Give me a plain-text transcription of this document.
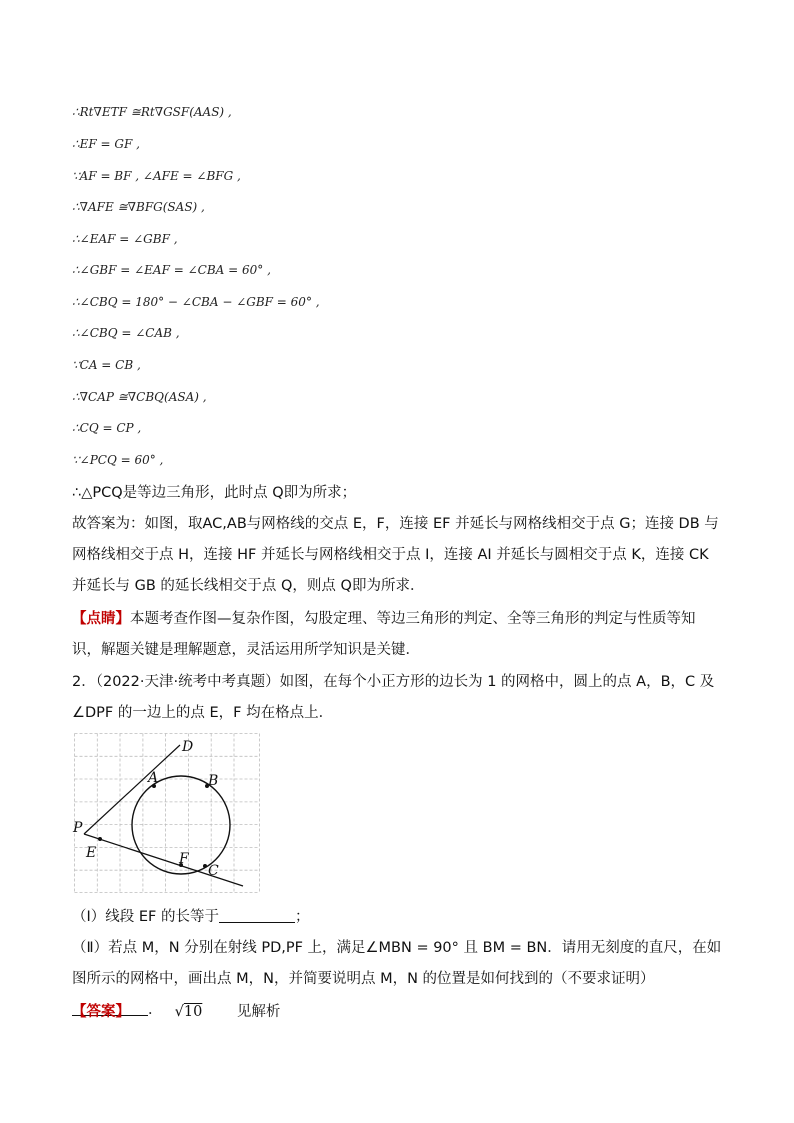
∴Rt∇ETF ≅Rt∇GSF(AAS) ,
∴EF = GF ,
∵AF = BF , ∠AFE = ∠BFG ,
∴∇AFE ≅∇BFG(SAS) ,
∴∠EAF = ∠GBF ,
∴∠GBF = ∠EAF = ∠CBA = 60° ,
∴∠CBQ = 180° − ∠CBA − ∠GBF = 60° ,
∴∠CBQ = ∠CAB ,
∵CA = CB ,
∴∇CAP ≅∇CBQ(ASA) ,
∴CQ = CP ,
∵∠PCQ = 60° ,
∴△PCQ是等边三角形，此时点 Q即为所求；
故答案为：如图，取AC,AB与网格线的交点 E，F，连接 EF 并延长与网格线相交于点 G；连接 DB 与网格线相交于点 H，连接 HF 并延长与网格线相交于点 I，连接 AI 并延长与圆相交于点 K，连接 CK 并延长与 GB 的延长线相交于点 Q，则点 Q即为所求．
【点睛】本题考查作图—复杂作图，勾股定理、等边三角形的判定、全等三角形的判定与性质等知识，解题关键是理解题意，灵活运用所学知识是关键．
2．（2022·天津·统考中考真题）如图，在每个小正方形的边长为 1 的网格中，圆上的点 A，B，C 及∠DPF 的一边上的点 E，F 均在格点上．
D
A	B
P
E	F
C
（Ⅰ）线段 EF 的长等于	；
（Ⅱ）若点 M，N 分别在射线 PD,PF 上，满足∠MBN = 90° 且 BM = BN．请用无刻度的直尺，在如图所示的网格中，画出点 M，N，并简要说明点 M，N 的位置是如何找到的（不要求证明）．
【答案】	√10 见解析
